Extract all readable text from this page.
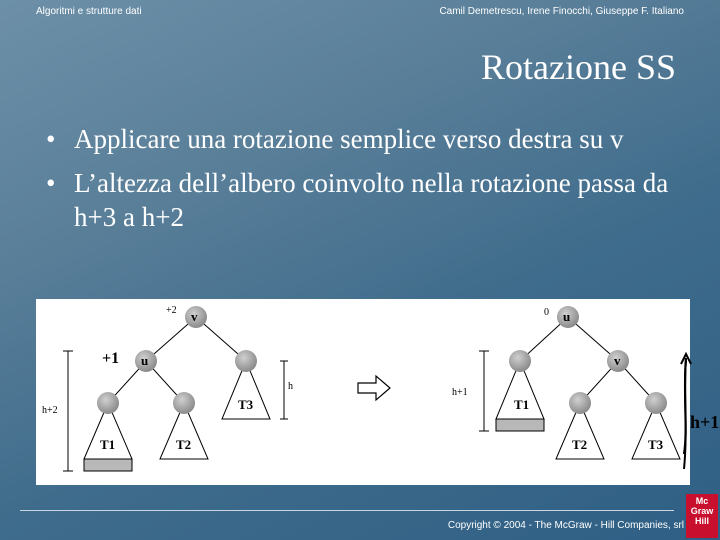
Algoritmi e strutture dati	Camil Demetrescu, Irene Finocchi, Giuseppe F. Italiano
Rotazione SS
• Applicare una rotazione semplice verso destra su v
• L’altezza dell’albero coinvolto nella rotazione passa da h+3 a h+2
v
+2
u
+1
T3
T1	T2
h+2
h
u
0
v
T1
T2	T3
h+1
h+1
Copyright © 2004 - The McGraw - Hill Companies, srl
Mc
Graw
Hill
